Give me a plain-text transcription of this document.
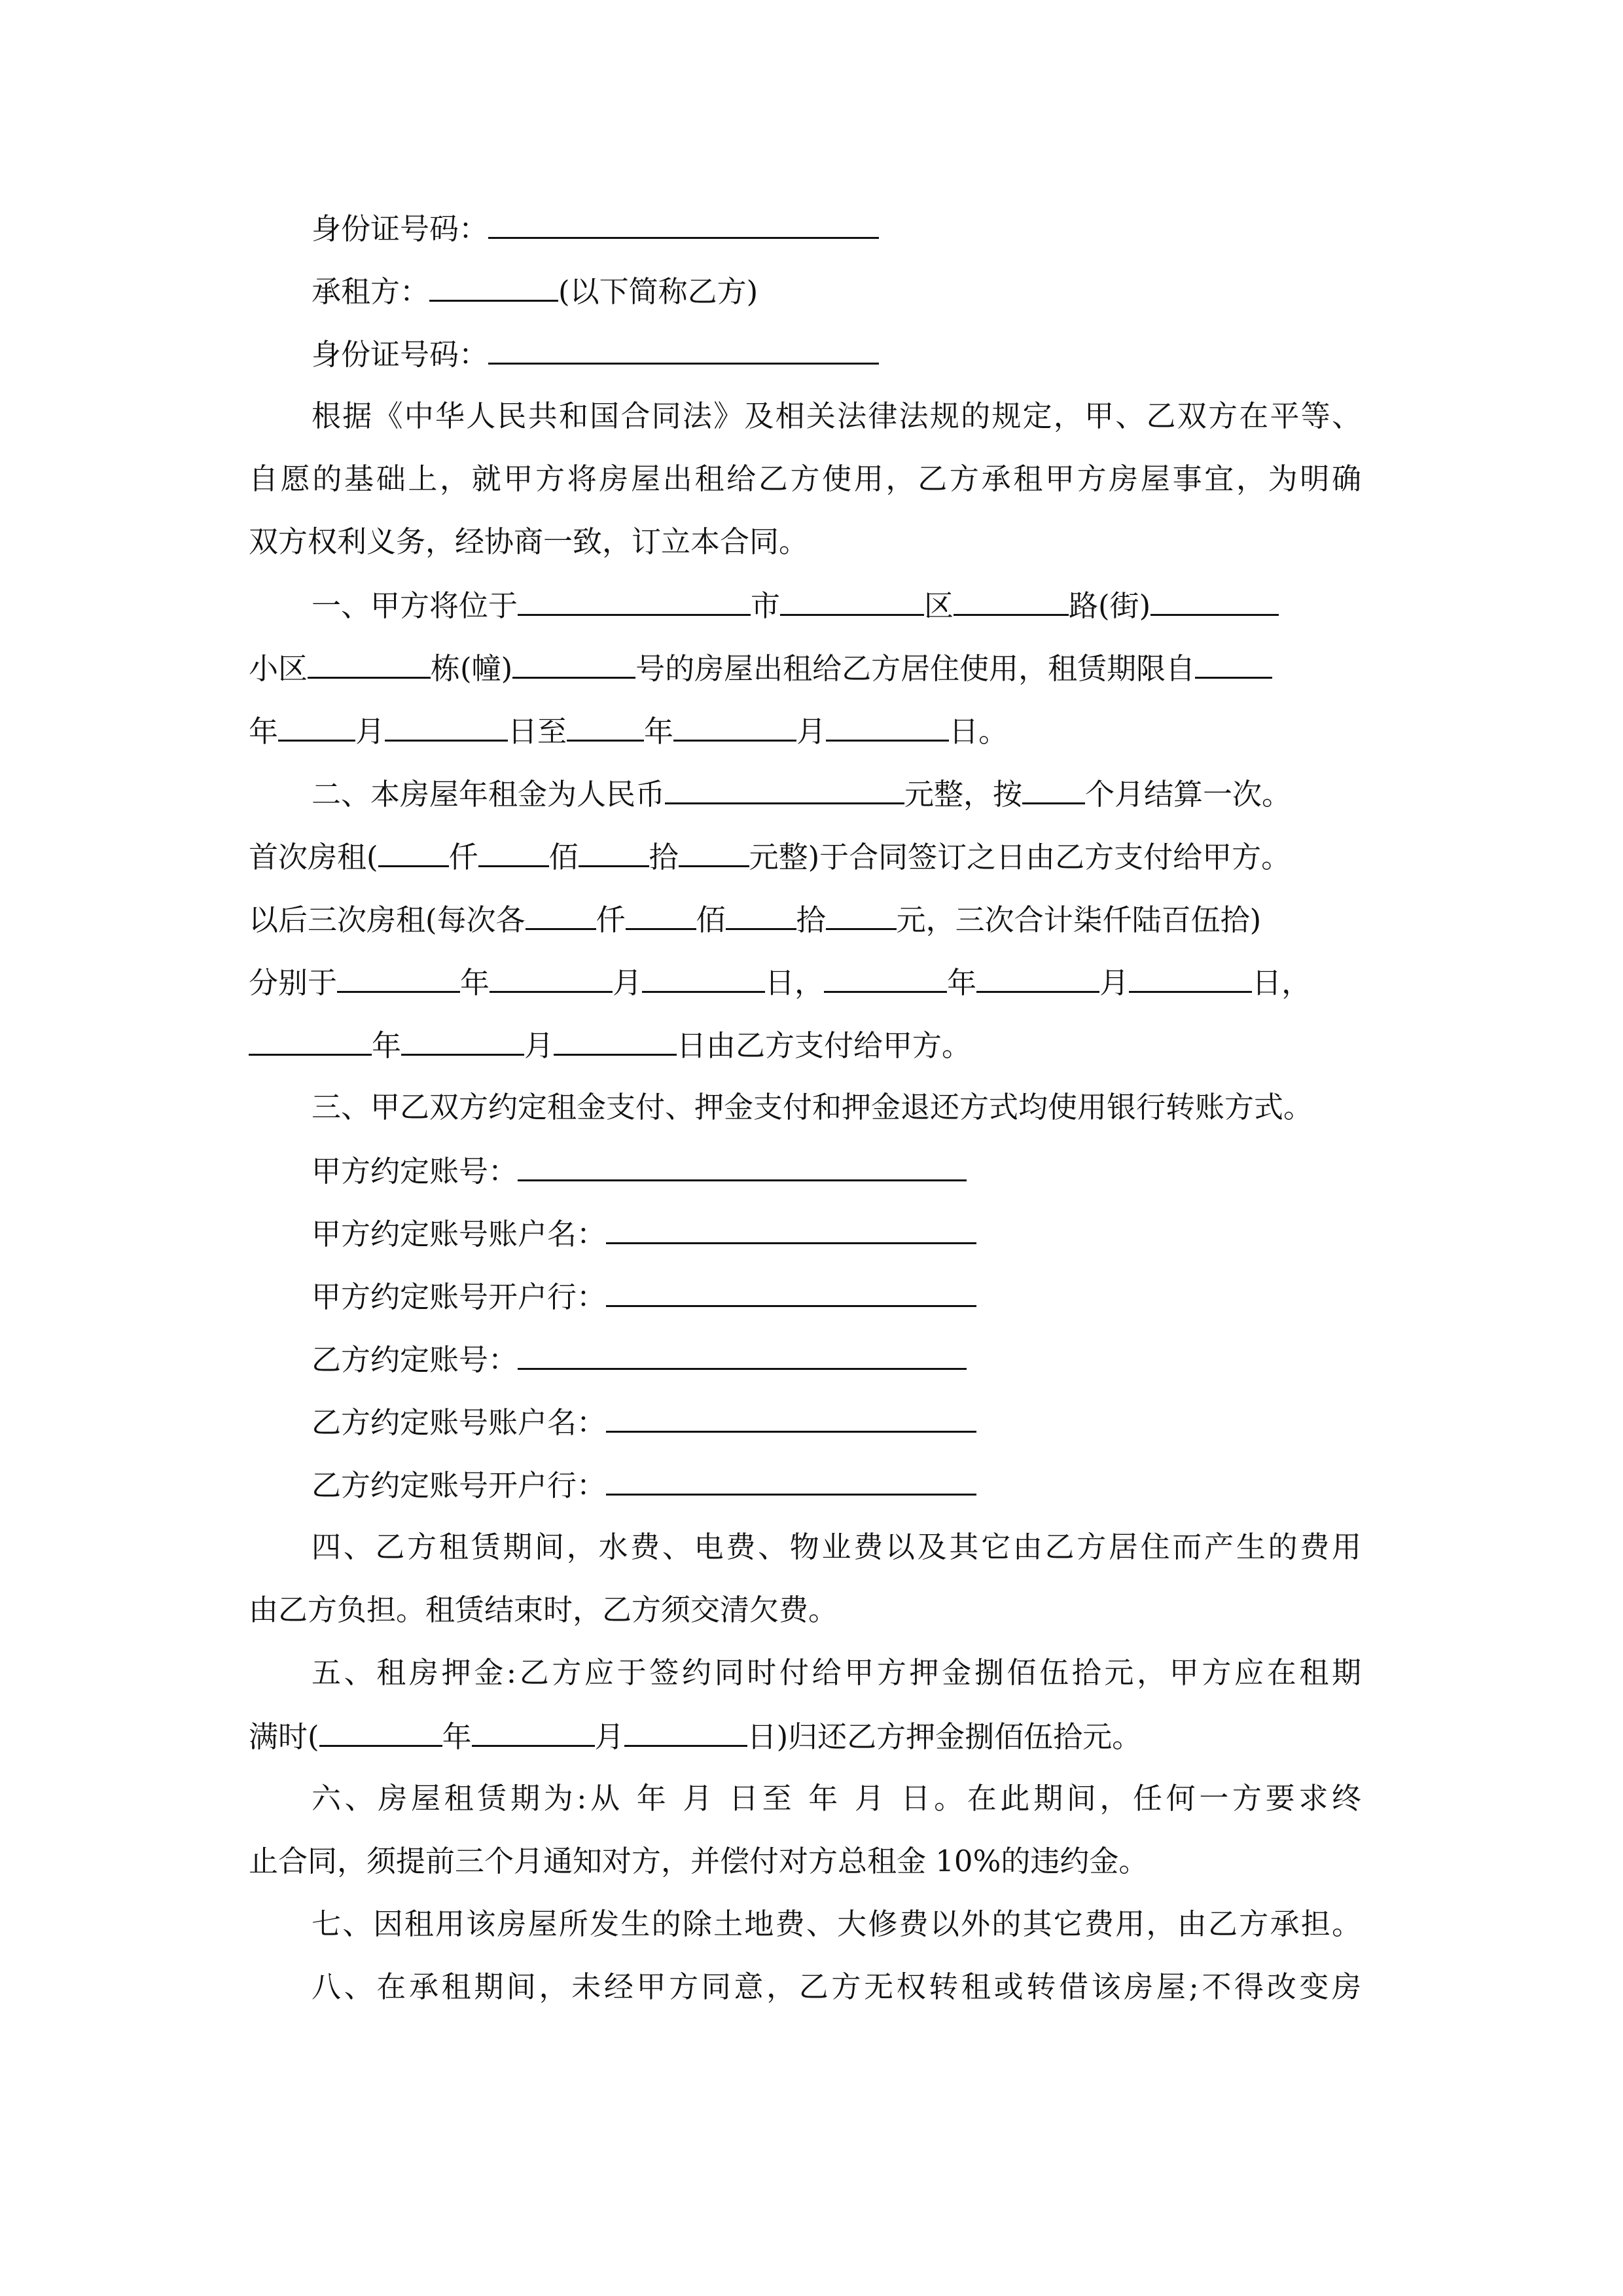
身份证号码：
承租方：	(以下简称乙方)
身份证号码：
根据《中华人民共和国合同法》及相关法律法规的规定，甲、乙双方在平等、
自愿的基础上，就甲方将房屋出租给乙方使用，乙方承租甲方房屋事宜，为明确
双方权利义务，经协商一致，订立本合同。
一、甲方将位于	市	区	路(街)
小区	栋(幢)	号的房屋出租给乙方居住使用，租赁期限自
年	月	日至	年	月	日。
二、本房屋年租金为人民币	元整，按 个月结算一次。
首次房租( 仟 佰 拾 元整)于合同签订之日由乙方支付给甲方。
以后三次房租(每次各 仟 佰 拾 元，三次合计柒仟陆百伍拾)
分别于	年	月	日，	年	月	日，
年	月	日由乙方支付给甲方。
三、甲乙双方约定租金支付、押金支付和押金退还方式均使用银行转账方式。
甲方约定账号：
甲方约定账号账户名：
甲方约定账号开户行：
乙方约定账号：
乙方约定账号账户名：
乙方约定账号开户行：
四、乙方租赁期间，水费、电费、物业费以及其它由乙方居住而产生的费用
由乙方负担。租赁结束时，乙方须交清欠费。
五、租房押金:乙方应于签约同时付给甲方押金捌佰伍拾元，甲方应在租期
满时(	年	月	日)归还乙方押金捌佰伍拾元。
六、房屋租赁期为:从 年 月 日至 年 月 日。在此期间，任何一方要求终
止合同，须提前三个月通知对方，并偿付对方总租金 10%的违约金。
七、因租用该房屋所发生的除土地费、大修费以外的其它费用，由乙方承担。
八、在承租期间，未经甲方同意，乙方无权转租或转借该房屋;不得改变房
